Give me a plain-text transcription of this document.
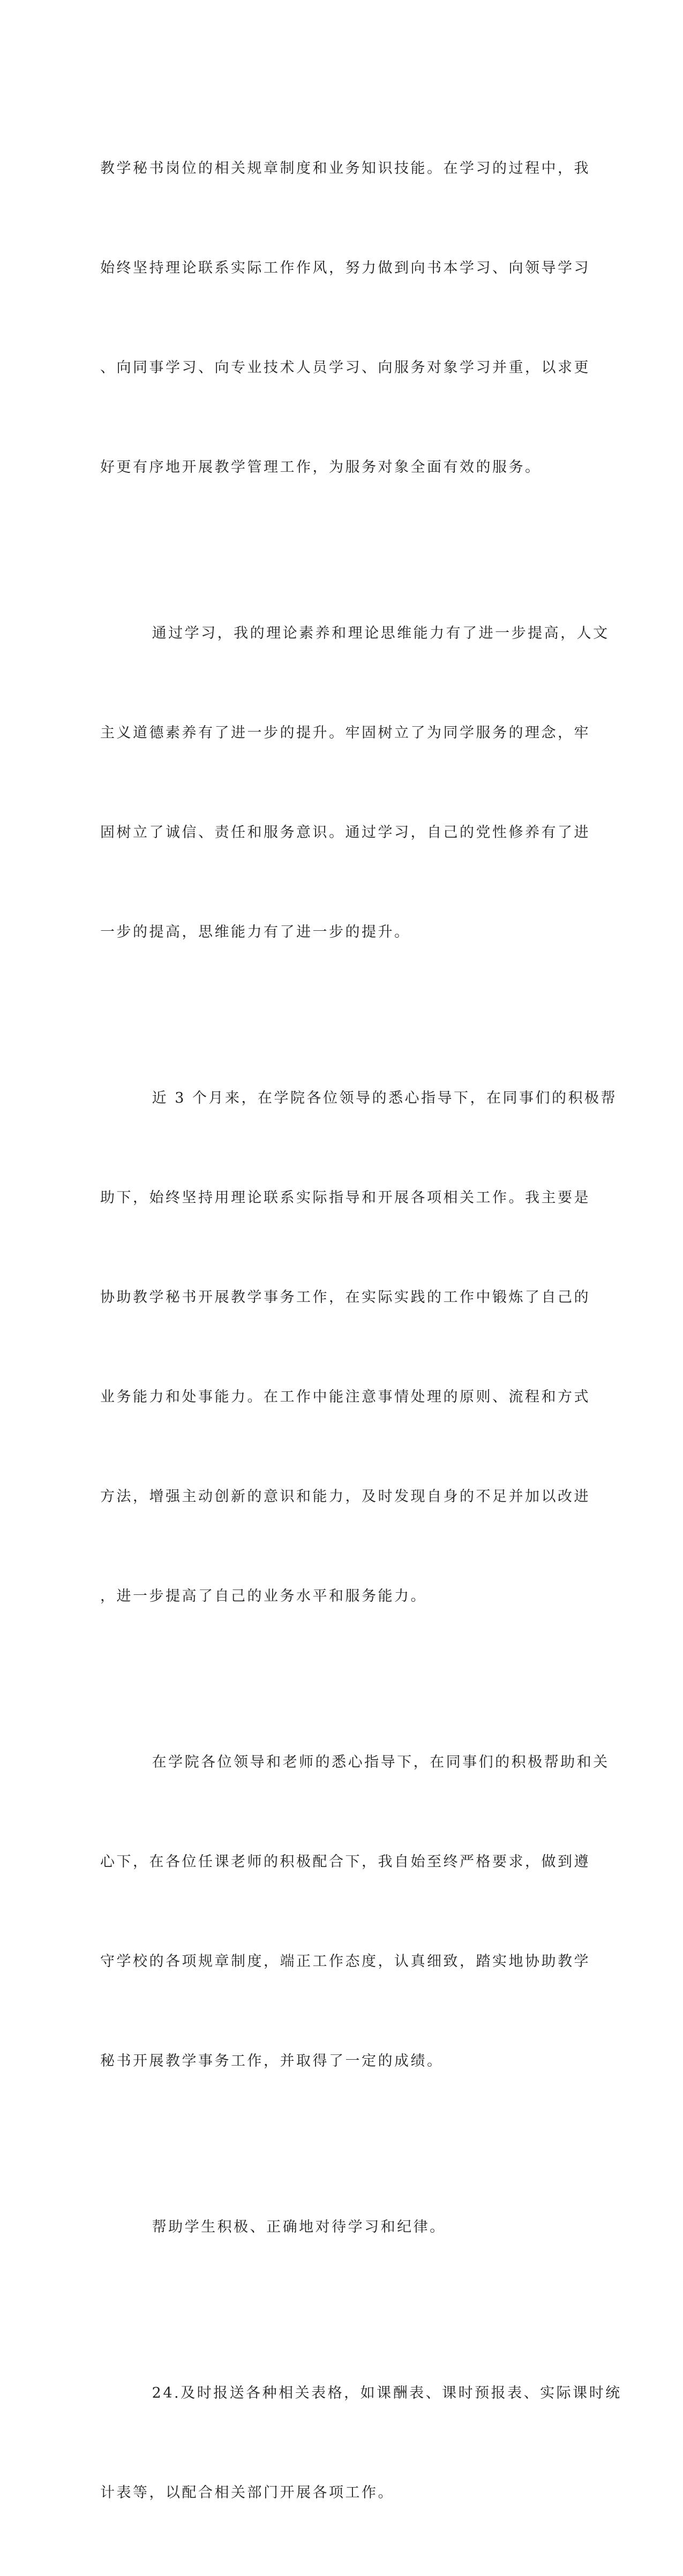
教学秘书岗位的相关规章制度和业务知识技能。在学习的过程中，我

始终坚持理论联系实际工作作风，努力做到向书本学习、向领导学习

、向同事学习、向专业技术人员学习、向服务对象学习并重，以求更

好更有序地开展教学管理工作，为服务对象全面有效的服务。

通过学习，我的理论素养和理论思维能力有了进一步提高，人文

主义道德素养有了进一步的提升。牢固树立了为同学服务的理念，牢

固树立了诚信、责任和服务意识。通过学习，自己的党性修养有了进

一步的提高，思维能力有了进一步的提升。

近 3 个月来，在学院各位领导的悉心指导下，在同事们的积极帮

助下，始终坚持用理论联系实际指导和开展各项相关工作。我主要是

协助教学秘书开展教学事务工作，在实际实践的工作中锻炼了自己的

业务能力和处事能力。在工作中能注意事情处理的原则、流程和方式

方法，增强主动创新的意识和能力，及时发现自身的不足并加以改进

，进一步提高了自己的业务水平和服务能力。

在学院各位领导和老师的悉心指导下，在同事们的积极帮助和关

心下，在各位任课老师的积极配合下，我自始至终严格要求，做到遵

守学校的各项规章制度，端正工作态度，认真细致，踏实地协助教学

秘书开展教学事务工作，并取得了一定的成绩。

帮助学生积极、正确地对待学习和纪律。

24.及时报送各种相关表格，如课酬表、课时预报表、实际课时统

计表等，以配合相关部门开展各项工作。
